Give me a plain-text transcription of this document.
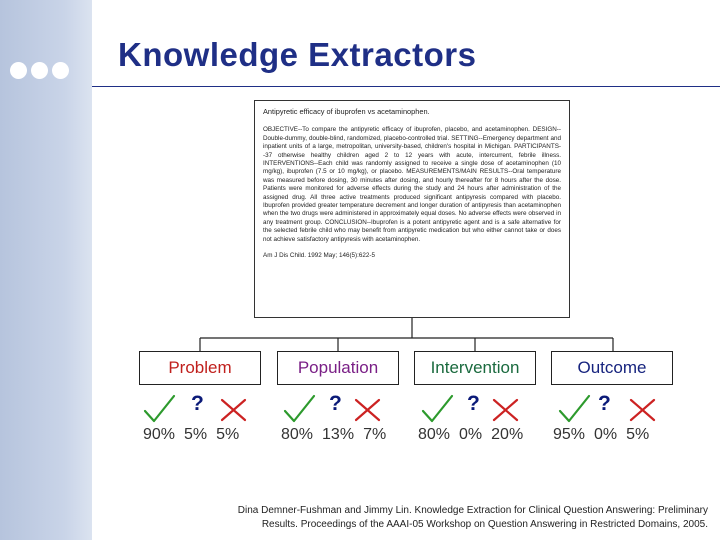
Knowledge Extractors
Antipyretic efficacy of ibuprofen vs acetaminophen.
OBJECTIVE--To compare the antipyretic efficacy of ibuprofen, placebo, and acetaminophen. DESIGN--Double-dummy, double-blind, randomized, placebo-controlled trial. SETTING--Emergency department and inpatient units of a large, metropolitan, university-based, children's hospital in Michigan. PARTICIPANTS--37 otherwise healthy children aged 2 to 12 years with acute, intercurrent, febrile illness. INTERVENTIONS--Each child was randomly assigned to receive a single dose of acetaminophen (10 mg/kg), ibuprofen (7.5 or 10 mg/kg), or placebo. MEASUREMENTS/MAIN RESULTS--Oral temperature was measured before dosing, 30 minutes after dosing, and hourly thereafter for 8 hours after the dose. Patients were monitored for adverse effects during the study and 24 hours after administration of the assigned drug. All three active treatments produced significant antipyresis compared with placebo. Ibuprofen provided greater temperature decrement and longer duration of antipyresis than acetaminophen when the two drugs were administered in approximately equal doses. No adverse effects were observed in any treatment group. CONCLUSION--Ibuprofen is a potent antipyretic agent and is a safe alternative for the selected febrile child who may benefit from antipyretic medication but who either cannot take or does not achieve satisfactory antipyresis with acetaminophen.
Am J Dis Child. 1992 May; 146(5):622-5
Problem
?
90% 5% 5%
Population
?
80% 13% 7%
Intervention
?
80% 0% 20%
Outcome
?
95% 0% 5%
Dina Demner-Fushman and Jimmy Lin. Knowledge Extraction for Clinical Question Answering: Preliminary
Results. Proceedings of the AAAI-05 Workshop on Question Answering in Restricted Domains, 2005.
